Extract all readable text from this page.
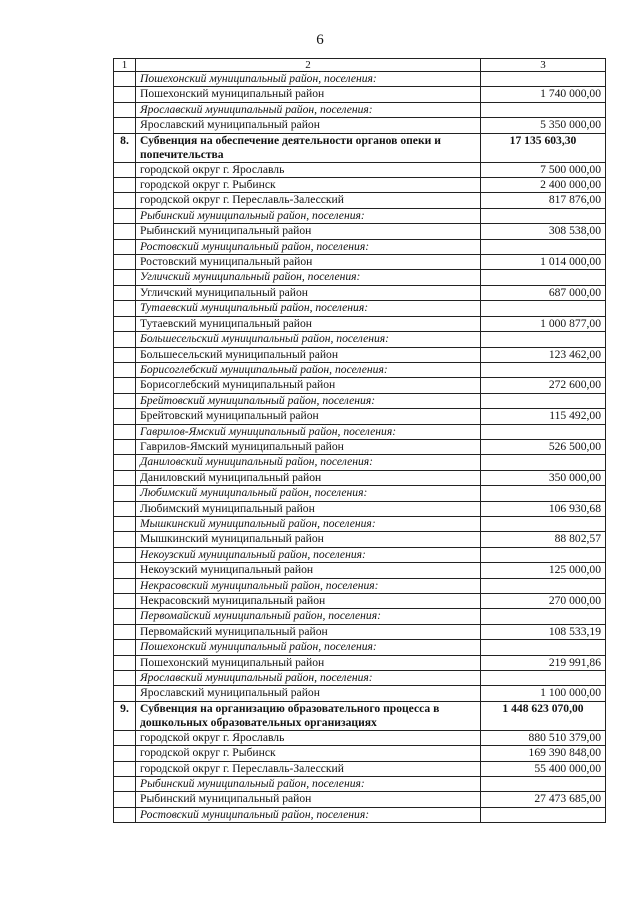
6
1	2	3
	Пошехонский муниципальный район, поселения:	
	Пошехонский муниципальный район	1 740 000,00
	Ярославский муниципальный район, поселения:	
	Ярославский муниципальный район	5 350 000,00
8.	Субвенция на обеспечение деятельности органов опеки и попечительства	17 135 603,30
	городской округ г. Ярославль	7 500 000,00
	городской округ г. Рыбинск	2 400 000,00
	городской округ г. Переславль-Залесский	817 876,00
	Рыбинский муниципальный район, поселения:	
	Рыбинский муниципальный район	308 538,00
	Ростовский муниципальный район, поселения:	
	Ростовский муниципальный район	1 014 000,00
	Угличский муниципальный район, поселения:	
	Угличский муниципальный район	687 000,00
	Тутаевский муниципальный район, поселения:	
	Тутаевский муниципальный район	1 000 877,00
	Большесельский муниципальный район, поселения:	
	Большесельский муниципальный район	123 462,00
	Борисоглебский муниципальный район, поселения:	
	Борисоглебский муниципальный район	272 600,00
	Брейтовский муниципальный район, поселения:	
	Брейтовский муниципальный район	115 492,00
	Гаврилов-Ямский муниципальный район, поселения:	
	Гаврилов-Ямский муниципальный район	526 500,00
	Даниловский муниципальный район, поселения:	
	Даниловский муниципальный район	350 000,00
	Любимский муниципальный район, поселения:	
	Любимский муниципальный район	106 930,68
	Мышкинский муниципальный район, поселения:	
	Мышкинский муниципальный район	88 802,57
	Некоузский муниципальный район, поселения:	
	Некоузский муниципальный район	125 000,00
	Некрасовский муниципальный район, поселения:	
	Некрасовский муниципальный район	270 000,00
	Первомайский муниципальный район, поселения:	
	Первомайский муниципальный район	108 533,19
	Пошехонский муниципальный район, поселения:	
	Пошехонский муниципальный район	219 991,86
	Ярославский муниципальный район, поселения:	
	Ярославский муниципальный район	1 100 000,00
9.	Субвенция на организацию образовательного процесса в дошкольных образовательных организациях	1 448 623 070,00
	городской округ г. Ярославль	880 510 379,00
	городской округ г. Рыбинск	169 390 848,00
	городской округ г. Переславль-Залесский	55 400 000,00
	Рыбинский муниципальный район, поселения:	
	Рыбинский муниципальный район	27 473 685,00
	Ростовский муниципальный район, поселения:	
